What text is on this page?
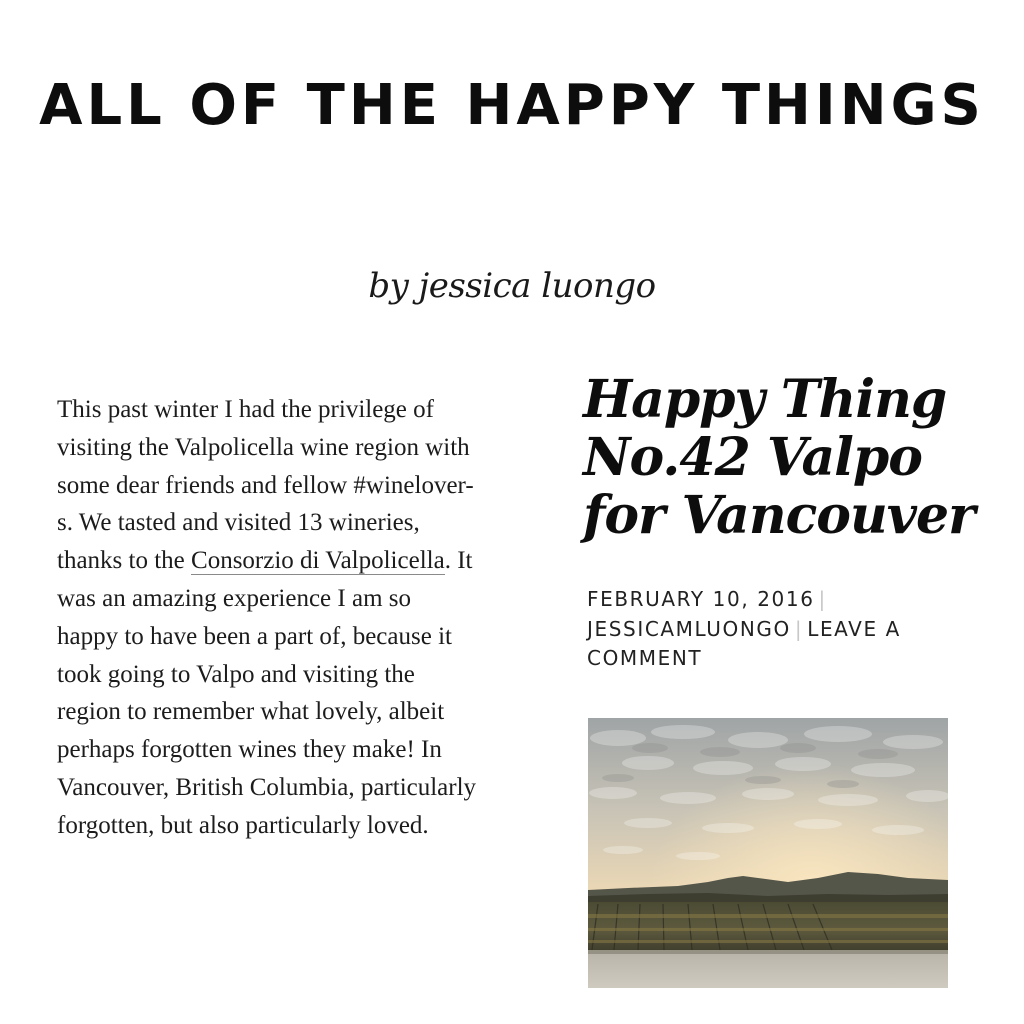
ALL OF THE HAPPY THINGS

by jessica luongo

This past winter I had the privilege of visiting the Valpolicella wine region with some dear friends and fellow #winelover-s. We tasted and visited 13 wineries, thanks to the Consorzio di Valpolicella. It was an amazing experience I am so happy to have been a part of, because it took going to Valpo and visiting the region to remember what lovely, albeit perhaps forgotten wines they make! In Vancouver, British Columbia, particularly forgotten, but also particularly loved.

Happy Thing No.42 Valpo for Vancouver
FEBRUARY 10, 2016 | JESSICAMLUONGO | LEAVE A COMMENT
